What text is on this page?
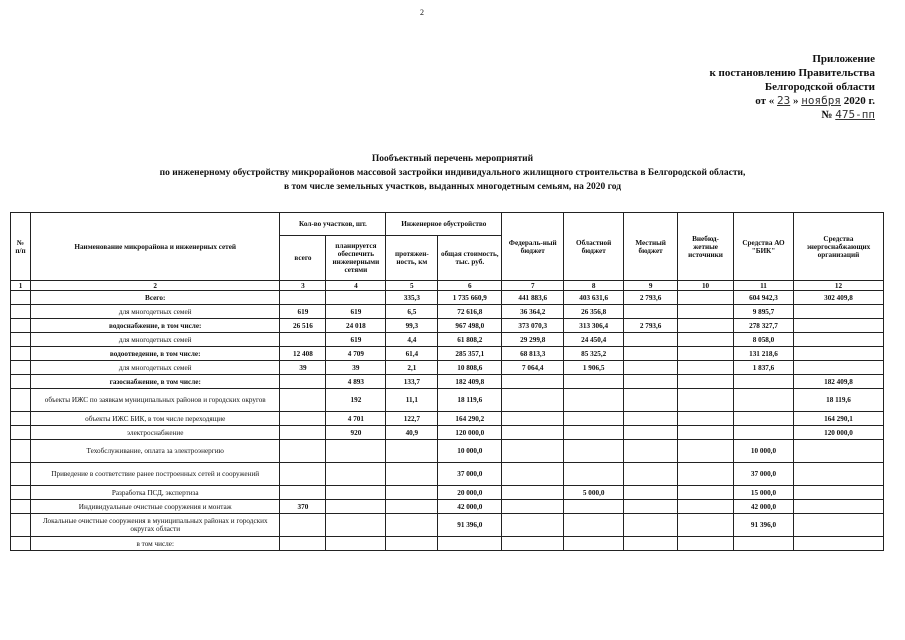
2
Приложение
к постановлению Правительства
Белгородской области
от « 23 » ноября 2020 г.
№ 475-пп
Пообъектный перечень мероприятий
по инженерному обустройству микрорайонов массовой застройки индивидуального жилищного строительства в Белгородской области,
в том числе земельных участков, выданных многодетным семьям, на 2020 год
№ п/п	Наименование микрорайона и инженерных сетей	Кол-во участков, шт.		Инженерное обустройство		Федераль-ный бюджет	Областной бюджет	Местный бюджет	Внебюд-жетные источники	Средства АО "БИК"	Средства энергоснабжающих организаций
		всего	планируется обеспечить инженерными сетями	протяжен-ность, км	общая стоимость, тыс. руб.						
1	2	3	4	5	6	7	8	9	10	11	12
	Всего:			335,3	1 735 660,9	441 883,6	403 631,6	2 793,6		604 942,3	302 409,8
	для многодетных семей	619	619	6,5	72 616,8	36 364,2	26 356,8			9 895,7	
	водоснабжение, в том числе:	26 516	24 018	99,3	967 498,0	373 070,3	313 306,4	2 793,6		278 327,7	
	для многодетных семей		619	4,4	61 808,2	29 299,8	24 450,4			8 058,0	
	водоотведение, в том числе:	12 408	4 709	61,4	285 357,1	68 813,3	85 325,2			131 218,6	
	для многодетных семей	39	39	2,1	10 808,6	7 064,4	1 906,5			1 837,6	
	газоснабжение, в том числе:		4 893	133,7	182 409,8						182 409,8
	объекты ИЖС по заявкам муниципальных районов и городских округов		192	11,1	18 119,6						18 119,6
	объекты ИЖС БИК, в том числе переходящие		4 701	122,7	164 290,2						164 290,1
	электроснабжение		920	40,9	120 000,0						120 000,0
	Техобслуживание, оплата за электроэнергию				10 000,0					10 000,0	
	Приведение в соответствие ранее построенных сетей и сооружений				37 000,0					37 000,0	
	Разработка ПСД, экспертиза				20 000,0		5 000,0			15 000,0	
	Индивидуальные очистные сооружения и монтаж	370			42 000,0					42 000,0	
	Локальные очистные сооружения в муниципальных районах и городских округах области				91 396,0					91 396,0	
	в том числе:										
